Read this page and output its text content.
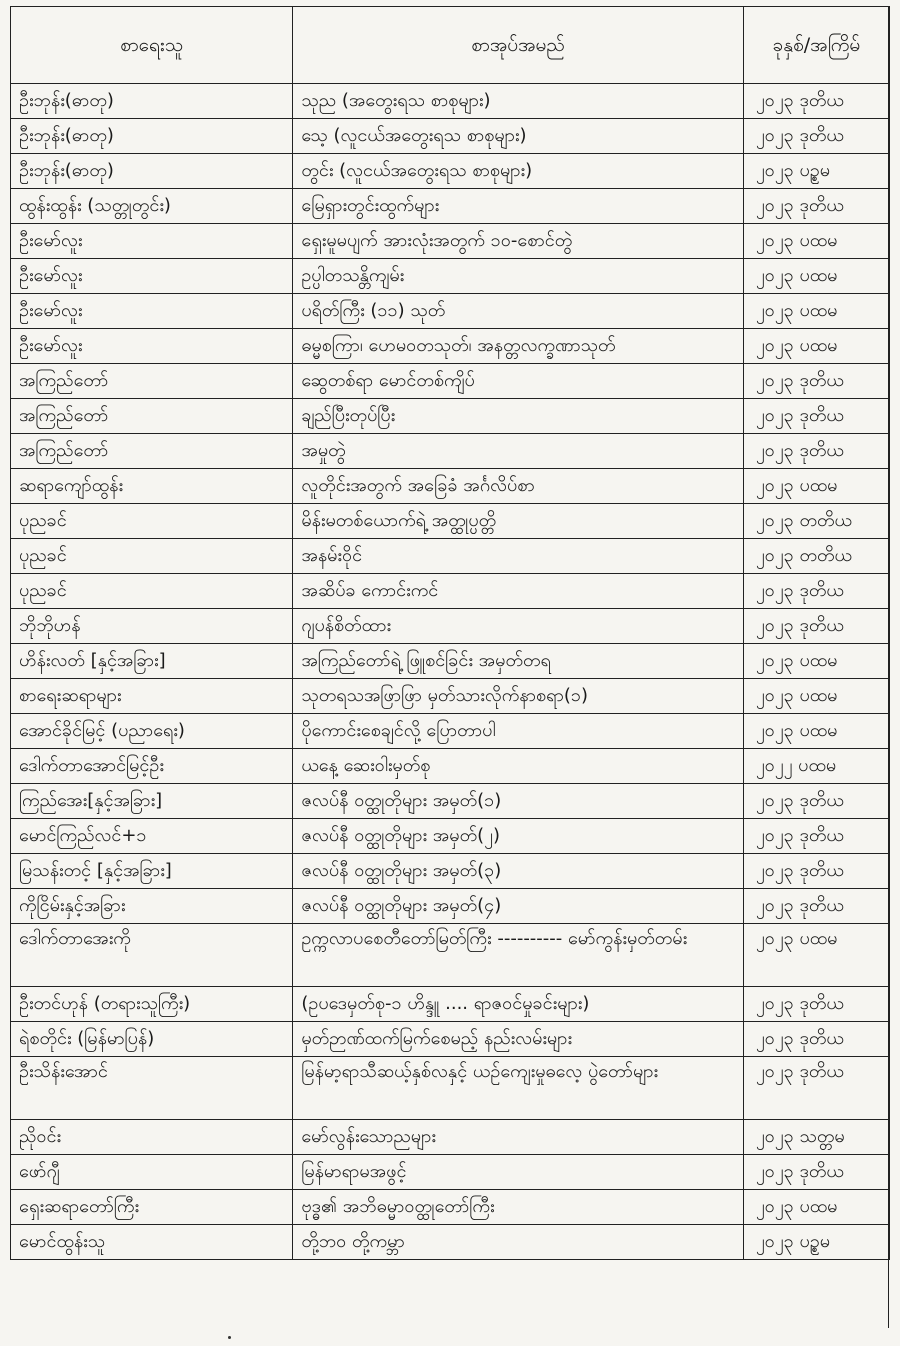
စာရေးသူ	စာအုပ်အမည်	ခုနှစ်/အကြိမ်
ဦးဘုန်း(ဓာတု)	သုည (အတွေးရသ စာစုများ)	၂၀၂၃ ဒုတိယ
ဦးဘုန်း(ဓာတု)	သေ့ (လူငယ်အတွေးရသ စာစုများ)	၂၀၂၃ ဒုတိယ
ဦးဘုန်း(ဓာတု)	တွင်း (လူငယ်အတွေးရသ စာစုများ)	၂၀၂၃ ပဥ္စမ
ထွန်းထွန်း (သတ္တုတွင်း)	မြေရှားတွင်းထွက်များ	၂၀၂၃ ဒုတိယ
ဦးမော်လူး	ရှေးမူမပျက် အားလုံးအတွက် ၁၀-စောင်တွဲ	၂၀၂၃ ပထမ
ဦးမော်လူး	ဥပ္ပါတသန္တိကျမ်း	၂၀၂၃ ပထမ
ဦးမော်လူး	ပရိတ်ကြီး (၁၁) သုတ်	၂၀၂၃ ပထမ
ဦးမော်လူး	ဓမ္မစကြာ၊ ဟေမဝတသုတ်၊ အနတ္တလက္ခဏာသုတ်	၂၀၂၃ ပထမ
အကြည်တော်	ဆွေတစ်ရာ မောင်တစ်ကျိပ်	၂၀၂၃ ဒုတိယ
အကြည်တော်	ချည်ပြီးတုပ်ပြီး	၂၀၂၃ ဒုတိယ
အကြည်တော်	အမှုတွဲ	၂၀၂၃ ဒုတိယ
ဆရာကျော်ထွန်း	လူတိုင်းအတွက် အခြေခံ အင်္ဂလိပ်စာ	၂၀၂၃ ပထမ
ပုညခင်	မိန်းမတစ်ယောက်ရဲ့ အတ္ထုပ္ပတ္တိ	၂၀၂၃ တတိယ
ပုညခင်	အနမ်းဝိုင်	၂၀၂၃ တတိယ
ပုညခင်	အဆိပ်ခ ကောင်းကင်	၂၀၂၃ ဒုတိယ
ဘိုဘိုဟန်	ဂျပန်စိတ်ထား	၂၀၂၃ ဒုတိယ
ဟိန်းလတ် [နှင့်အခြား]	အကြည်တော်ရဲ့ ဖြူစင်ခြင်း အမှတ်တရ	၂၀၂၃ ပထမ
စာရေးဆရာများ	သုတရသအဖြာဖြာ မှတ်သားလိုက်နာစရာ(၁)	၂၀၂၃ ပထမ
အောင်ခိုင်မြင့် (ပညာရေး)	ပိုကောင်းစေချင်လို့ ပြောတာပါ	၂၀၂၃ ပထမ
ဒေါက်တာအောင်မြင့်ဦး	ယနေ့ ဆေးဝါးမှတ်စု	၂၀၂၂ ပထမ
ကြည်အေး[နှင့်အခြား]	ဇလပ်နီ ဝတ္ထုတိုများ အမှတ်(၁)	၂၀၂၃ ဒုတိယ
မောင်ကြည်လင်+၁	ဇလပ်နီ ဝတ္ထုတိုများ အမှတ်(၂)	၂၀၂၃ ဒုတိယ
မြသန်းတင့် [နှင့်အခြား]	ဇလပ်နီ ဝတ္ထုတိုများ အမှတ်(၃)	၂၀၂၃ ဒုတိယ
ကိုငြိမ်းနှင့်အခြား	ဇလပ်နီ ဝတ္ထုတိုများ အမှတ်(၄)	၂၀၂၃ ဒုတိယ
ဒေါက်တာအေးကို	ဥက္ကလာပစေတီတော်မြတ်ကြီး ---------- မော်ကွန်းမှတ်တမ်း	၂၀၂၃ ပထမ
ဦးတင်ဟုန် (တရားသူကြီး)	(ဥပဒေမှတ်စု-၁ ဟိန္ဒူ .... ရာဇဝင်မှုခင်းများ)	၂၀၂၃ ဒုတိယ
ရဲစတိုင်း (မြန်မာပြန်)	မှတ်ဉာဏ်ထက်မြက်စေမည့် နည်းလမ်းများ	၂၀၂၃ ဒုတိယ
ဦးသိန်းအောင်	မြန်မာ့ရာသီဆယ့်နှစ်လနှင့် ယဉ်ကျေးမှုဓလေ့ ပွဲတော်များ	၂၀၂၃ ဒုတိယ
ညိုဝင်း	မော်လွန်းသောညများ	၂၀၂၃ သတ္တမ
ဖော်ဂျီ	မြန်မာရာမအဖွင့်	၂၀၂၃ ဒုတိယ
ရှေးဆရာတော်ကြီး	ဗုဒ္ဓ၏ အဘိဓမ္မာဝတ္ထုတော်ကြီး	၂၀၂၃ ပထမ
မောင်ထွန်းသူ	တို့ဘဝ တို့ကမ္ဘာ	၂၀၂၃ ပဥ္စမ
